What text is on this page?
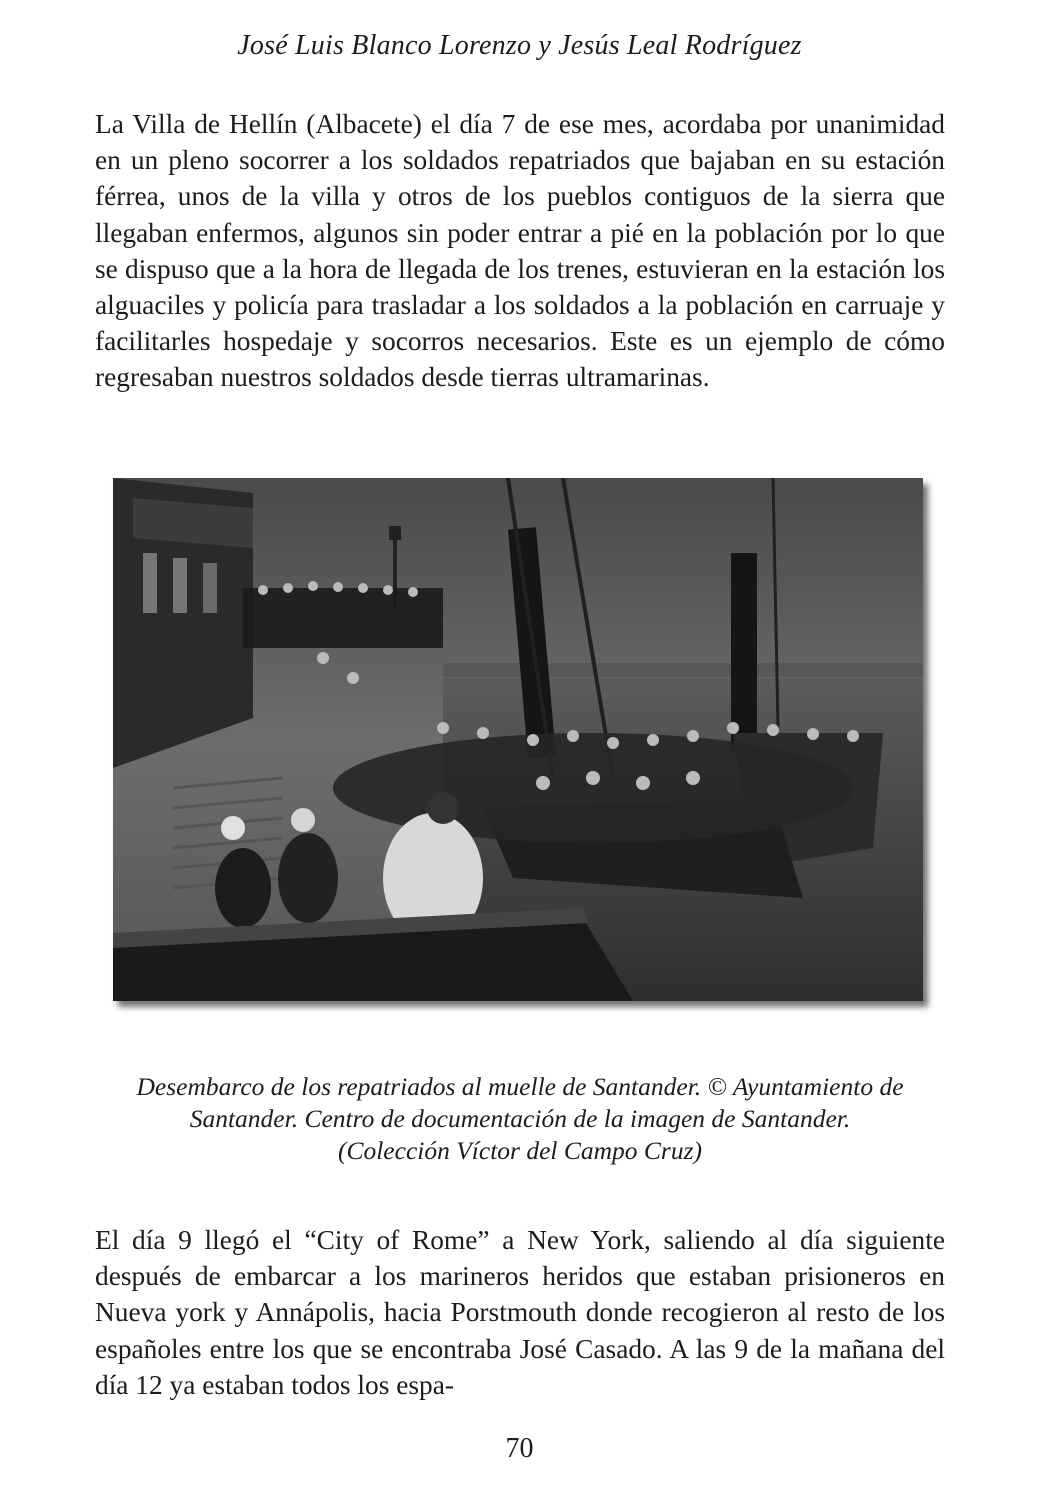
José Luis Blanco Lorenzo y Jesús Leal Rodríguez

La Villa de Hellín (Albacete) el día 7 de ese mes, acordaba por unanimidad en un pleno socorrer a los soldados repatriados que bajaban en su estación férrea, unos de la villa y otros de los pueblos contiguos de la sierra que llegaban enfermos, algunos sin poder entrar a pié en la población por lo que se dispuso que a la hora de llegada de los trenes, estuvieran en la estación los alguaciles y policía para trasladar a los soldados a la población en carruaje y facilitarles hospedaje y socorros necesarios. Este es un ejemplo de cómo regresaban nuestros soldados desde tierras ultramarinas.

Desembarco de los repatriados al muelle de Santander. © Ayuntamiento de
Santander. Centro de documentación de la imagen de Santander.
(Colección Víctor del Campo Cruz)

El día 9 llegó el “City of Rome” a New York, saliendo al día siguiente después de embarcar a los marineros heridos que estaban prisioneros en Nueva york y Annápolis, hacia Porstmouth donde recogieron al resto de los españoles entre los que se encontraba José Casado. A las 9 de la mañana del día 12 ya estaban todos los espa-

70
